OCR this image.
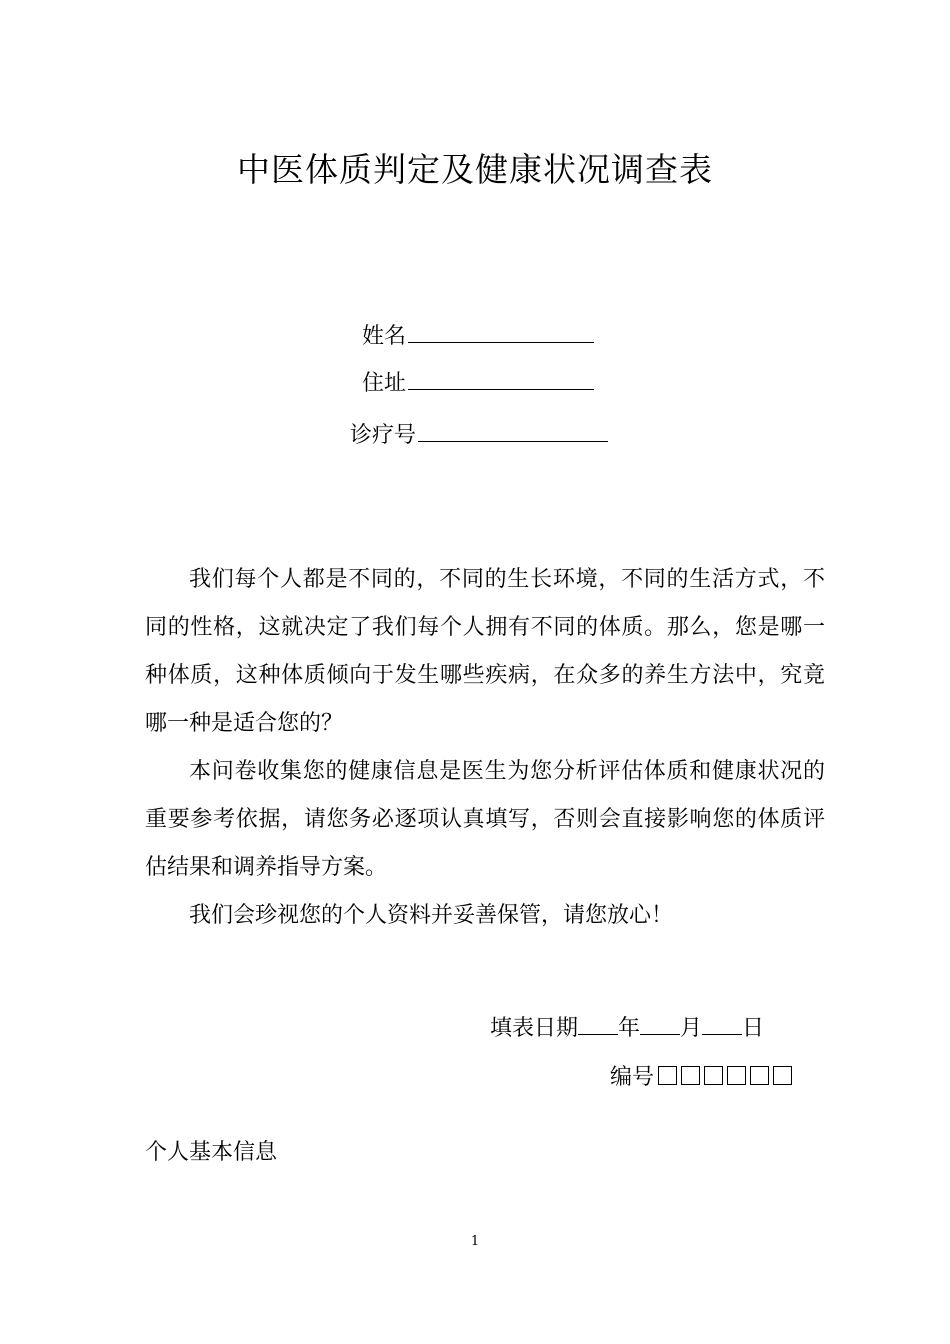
中医体质判定及健康状况调查表
姓名
住址
诊疗号

我们每个人都是不同的，不同的生长环境，不同的生活方式，不同的性格，这就决定了我们每个人拥有不同的体质。那么，您是哪一种体质，这种体质倾向于发生哪些疾病，在众多的养生方法中，究竟哪一种是适合您的？

本问卷收集您的健康信息是医生为您分析评估体质和健康状况的重要参考依据，请您务必逐项认真填写，否则会直接影响您的体质评估结果和调养指导方案。

我们会珍视您的个人资料并妥善保管，请您放心！

填表日期 年 月 日
编号
个人基本信息
1
